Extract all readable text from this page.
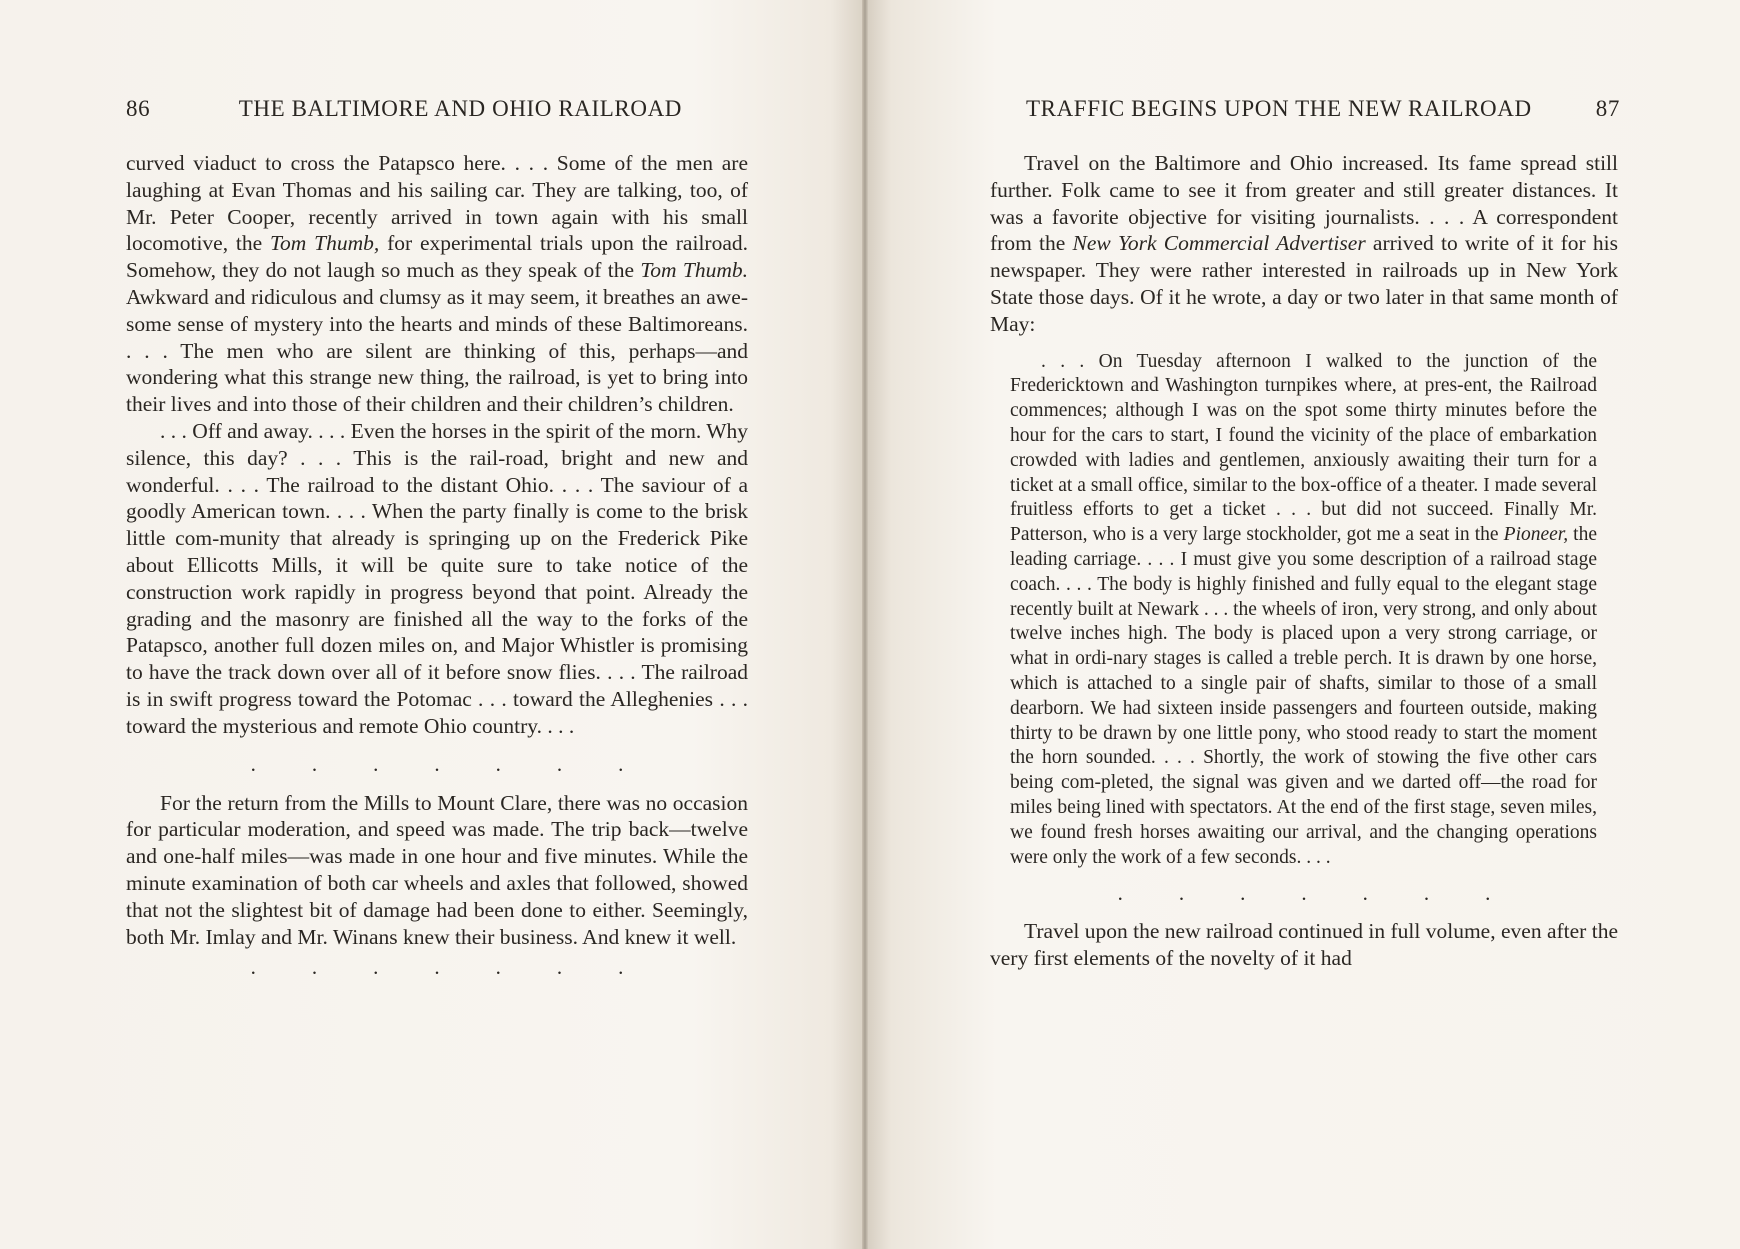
86	THE BALTIMORE AND OHIO RAILROAD

curved viaduct to cross the Patapsco here. . . . Some of the men are laughing at Evan Thomas and his sailing car. They are talking, too, of Mr. Peter Cooper, recently arrived in town again with his small locomotive, the Tom Thumb, for experimental trials upon the railroad. Somehow, they do not laugh so much as they speak of the Tom Thumb. Awkward and ridiculous and clumsy as it may seem, it breathes an awe-some sense of mystery into the hearts and minds of these Baltimoreans. . . . The men who are silent are thinking of this, perhaps—and wondering what this strange new thing, the railroad, is yet to bring into their lives and into those of their children and their children’s children.

. . . Off and away. . . . Even the horses in the spirit of the morn. Why silence, this day? . . . This is the rail-road, bright and new and wonderful. . . . The railroad to the distant Ohio. . . . The saviour of a goodly American town. . . . When the party finally is come to the brisk little com-munity that already is springing up on the Frederick Pike about Ellicotts Mills, it will be quite sure to take notice of the construction work rapidly in progress beyond that point. Already the grading and the masonry are finished all the way to the forks of the Patapsco, another full dozen miles on, and Major Whistler is promising to have the track down over all of it before snow flies. . . . The railroad is in swift progress toward the Potomac . . . toward the Alleghenies . . . toward the mysterious and remote Ohio country. . . .

.	.	.	.	.	.	.

For the return from the Mills to Mount Clare, there was no occasion for particular moderation, and speed was made. The trip back—twelve and one-half miles—was made in one hour and five minutes. While the minute examination of both car wheels and axles that followed, showed that not the slightest bit of damage had been done to either. Seemingly, both Mr. Imlay and Mr. Winans knew their business. And knew it well.

.	.	.	.	.	.	.
TRAFFIC BEGINS UPON THE NEW RAILROAD	87

Travel on the Baltimore and Ohio increased. Its fame spread still further. Folk came to see it from greater and still greater distances. It was a favorite objective for visiting journalists. . . . A correspondent from the New York Commercial Advertiser arrived to write of it for his newspaper. They were rather interested in railroads up in New York State those days. Of it he wrote, a day or two later in that same month of May:

. . . On Tuesday afternoon I walked to the junction of the Fredericktown and Washington turnpikes where, at pres-ent, the Railroad commences; although I was on the spot some thirty minutes before the hour for the cars to start, I found the vicinity of the place of embarkation crowded with ladies and gentlemen, anxiously awaiting their turn for a ticket at a small office, similar to the box-office of a theater. I made several fruitless efforts to get a ticket . . . but did not succeed. Finally Mr. Patterson, who is a very large stockholder, got me a seat in the Pioneer, the leading carriage. . . . I must give you some description of a railroad stage coach. . . . The body is highly finished and fully equal to the elegant stage recently built at Newark . . . the wheels of iron, very strong, and only about twelve inches high. The body is placed upon a very strong carriage, or what in ordi-nary stages is called a treble perch. It is drawn by one horse, which is attached to a single pair of shafts, similar to those of a small dearborn. We had sixteen inside passengers and fourteen outside, making thirty to be drawn by one little pony, who stood ready to start the moment the horn sounded. . . . Shortly, the work of stowing the five other cars being com-pleted, the signal was given and we darted off—the road for miles being lined with spectators. At the end of the first stage, seven miles, we found fresh horses awaiting our arrival, and the changing operations were only the work of a few seconds. . . .

.	.	.	.	.	.	.

Travel upon the new railroad continued in full volume, even after the very first elements of the novelty of it had
